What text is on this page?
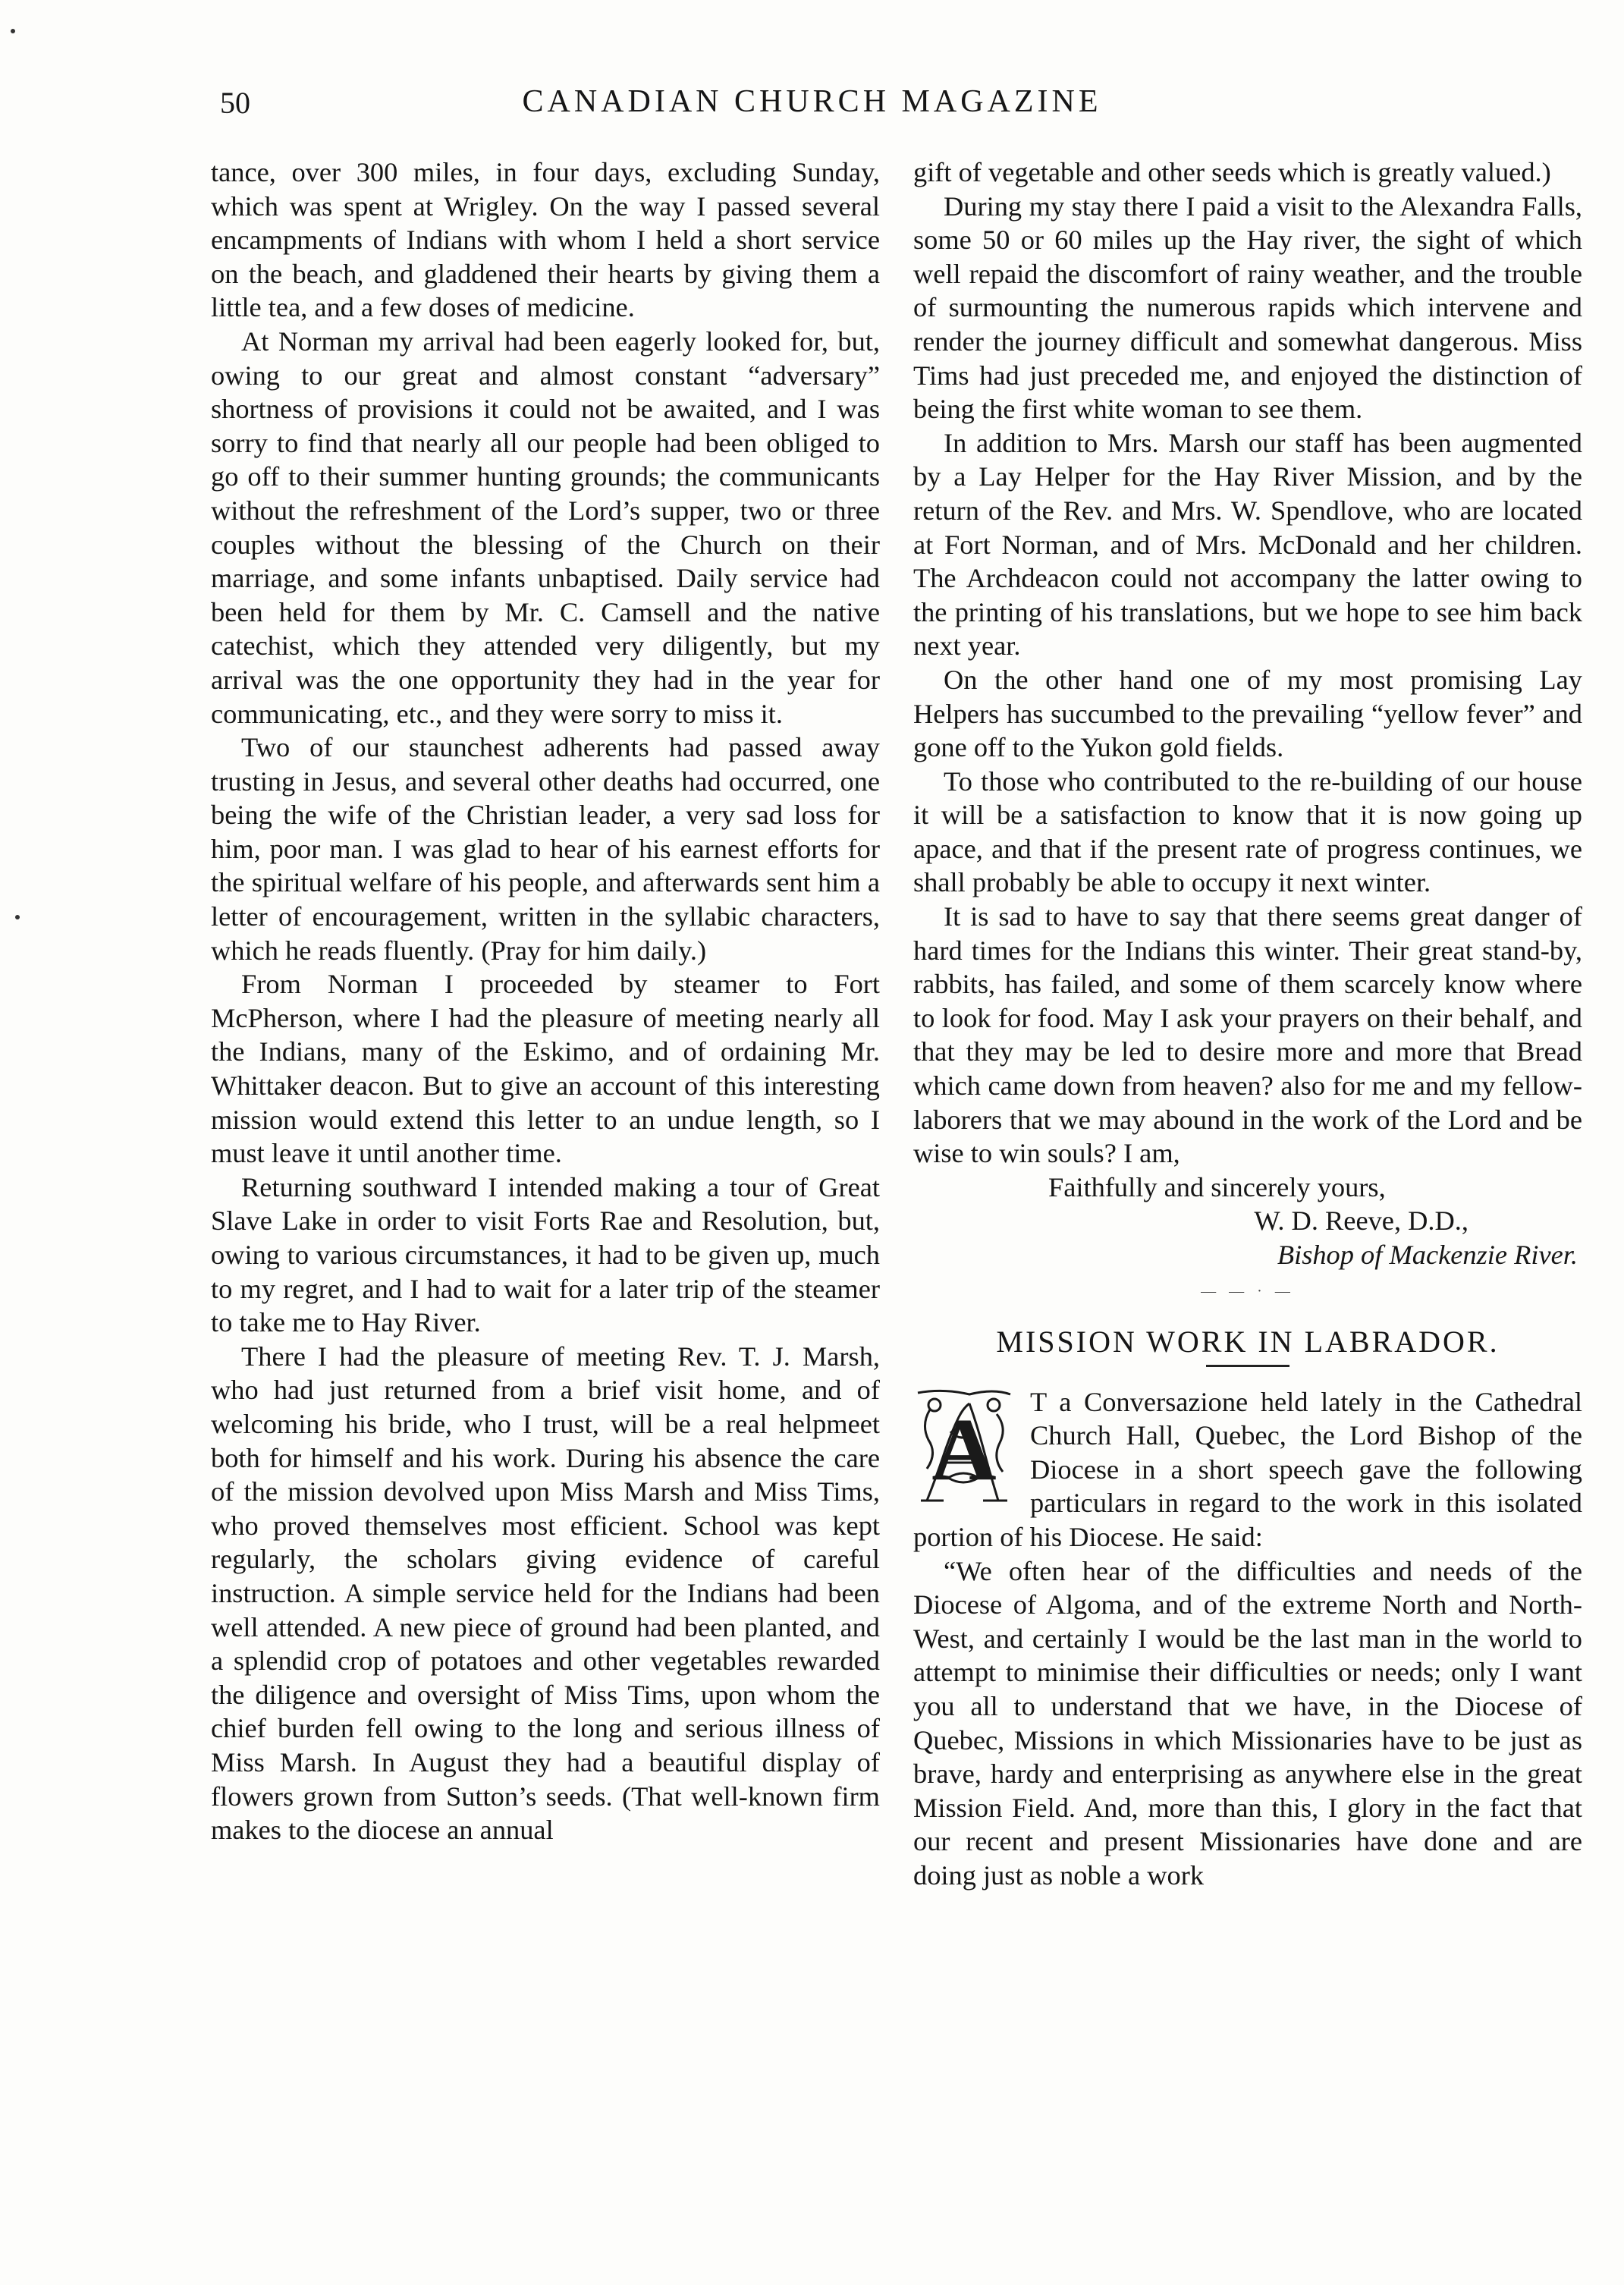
50	CANADIAN CHURCH MAGAZINE

tance, over 300 miles, in four days, excluding Sunday, which was spent at Wrigley. On the way I passed several encampments of Indians with whom I held a short service on the beach, and gladdened their hearts by giving them a little tea, and a few doses of medicine.

At Norman my arrival had been eagerly looked for, but, owing to our great and almost constant “adversary” shortness of provisions it could not be awaited, and I was sorry to find that nearly all our people had been obliged to go off to their summer hunting grounds; the communicants without the refreshment of the Lord’s supper, two or three couples without the blessing of the Church on their marriage, and some infants unbaptised. Daily service had been held for them by Mr. C. Camsell and the native catechist, which they attended very diligently, but my arrival was the one opportunity they had in the year for communicating, etc., and they were sorry to miss it.

Two of our staunchest adherents had passed away trusting in Jesus, and several other deaths had occurred, one being the wife of the Christian leader, a very sad loss for him, poor man. I was glad to hear of his earnest efforts for the spiritual welfare of his people, and afterwards sent him a letter of encouragement, written in the syllabic characters, which he reads fluently. (Pray for him daily.)

From Norman I proceeded by steamer to Fort McPherson, where I had the pleasure of meeting nearly all the Indians, many of the Eskimo, and of ordaining Mr. Whittaker deacon. But to give an account of this interesting mission would extend this letter to an undue length, so I must leave it until another time.

Returning southward I intended making a tour of Great Slave Lake in order to visit Forts Rae and Resolution, but, owing to various circumstances, it had to be given up, much to my regret, and I had to wait for a later trip of the steamer to take me to Hay River.

There I had the pleasure of meeting Rev. T. J. Marsh, who had just returned from a brief visit home, and of welcoming his bride, who I trust, will be a real helpmeet both for himself and his work. During his absence the care of the mission devolved upon Miss Marsh and Miss Tims, who proved themselves most efficient. School was kept regularly, the scholars giving evidence of careful instruction. A simple service held for the Indians had been well attended. A new piece of ground had been planted, and a splendid crop of potatoes and other vegetables rewarded the diligence and oversight of Miss Tims, upon whom the chief burden fell owing to the long and serious illness of Miss Marsh. In August they had a beautiful display of flowers grown from Sutton’s seeds. (That well-known firm makes to the diocese an annual

gift of vegetable and other seeds which is greatly valued.)

During my stay there I paid a visit to the Alexandra Falls, some 50 or 60 miles up the Hay river, the sight of which well repaid the discomfort of rainy weather, and the trouble of surmounting the numerous rapids which intervene and render the journey difficult and somewhat dangerous. Miss Tims had just preceded me, and enjoyed the distinction of being the first white woman to see them.

In addition to Mrs. Marsh our staff has been augmented by a Lay Helper for the Hay River Mission, and by the return of the Rev. and Mrs. W. Spendlove, who are located at Fort Norman, and of Mrs. McDonald and her children. The Archdeacon could not accompany the latter owing to the printing of his translations, but we hope to see him back next year.

On the other hand one of my most promising Lay Helpers has succumbed to the prevailing “yellow fever” and gone off to the Yukon gold fields.

To those who contributed to the re-building of our house it will be a satisfaction to know that it is now going up apace, and that if the present rate of progress continues, we shall probably be able to occupy it next winter.

It is sad to have to say that there seems great danger of hard times for the Indians this winter. Their great stand-by, rabbits, has failed, and some of them scarcely know where to look for food. May I ask your prayers on their behalf, and that they may be led to desire more and more that Bread which came down from heaven? also for me and my fellow-laborers that we may abound in the work of the Lord and be wise to win souls? I am,

Faithfully and sincerely yours,

W. D. Reeve, D.D.,

Bishop of Mackenzie River.

— — · —
MISSION WORK IN LABRADOR.
A	T a Conversazione held lately in the Cathedral Church Hall, Quebec, the Lord Bishop of the Diocese in a short speech gave the following particulars in regard to the work in this isolated portion of his Diocese. He said:

“We often hear of the difficulties and needs of the Diocese of Algoma, and of the extreme North and North-West, and certainly I would be the last man in the world to attempt to minimise their difficulties or needs; only I want you all to understand that we have, in the Diocese of Quebec, Missions in which Missionaries have to be just as brave, hardy and enterprising as anywhere else in the great Mission Field. And, more than this, I glory in the fact that our recent and present Missionaries have done and are doing just as noble a work
